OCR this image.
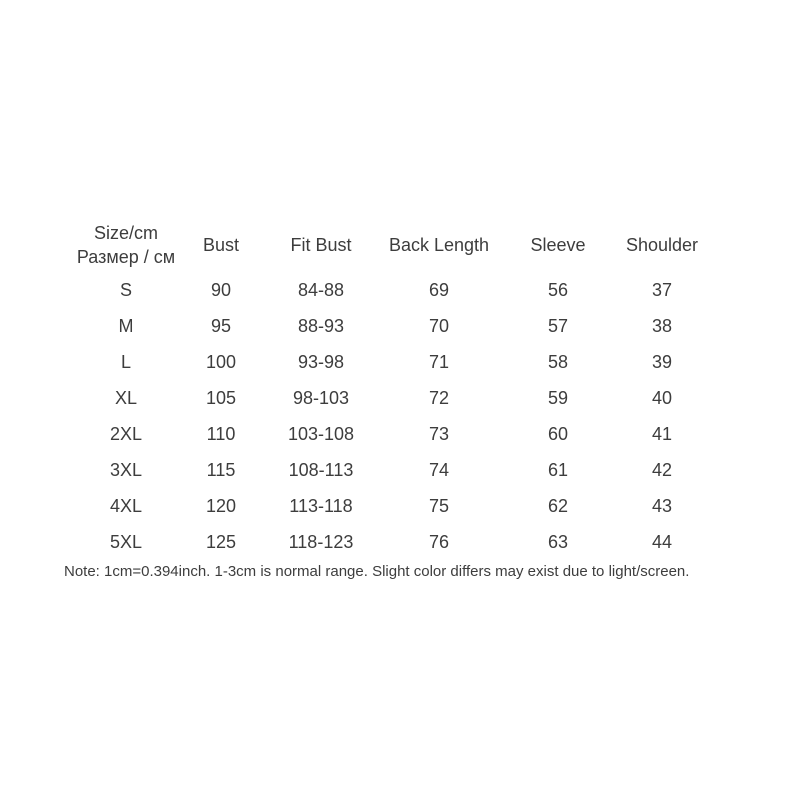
Size/cm
Размер / см	Bust	Fit Bust	Back Length	Sleeve	Shoulder
S	90	84-88	69	56	37
M	95	88-93	70	57	38
L	100	93-98	71	58	39
XL	105	98-103	72	59	40
2XL	110	103-108	73	60	41
3XL	115	108-113	74	61	42
4XL	120	113-118	75	62	43
5XL	125	118-123	76	63	44
Note: 1cm=0.394inch. 1-3cm is normal range. Slight color differs may exist due to light/screen.
